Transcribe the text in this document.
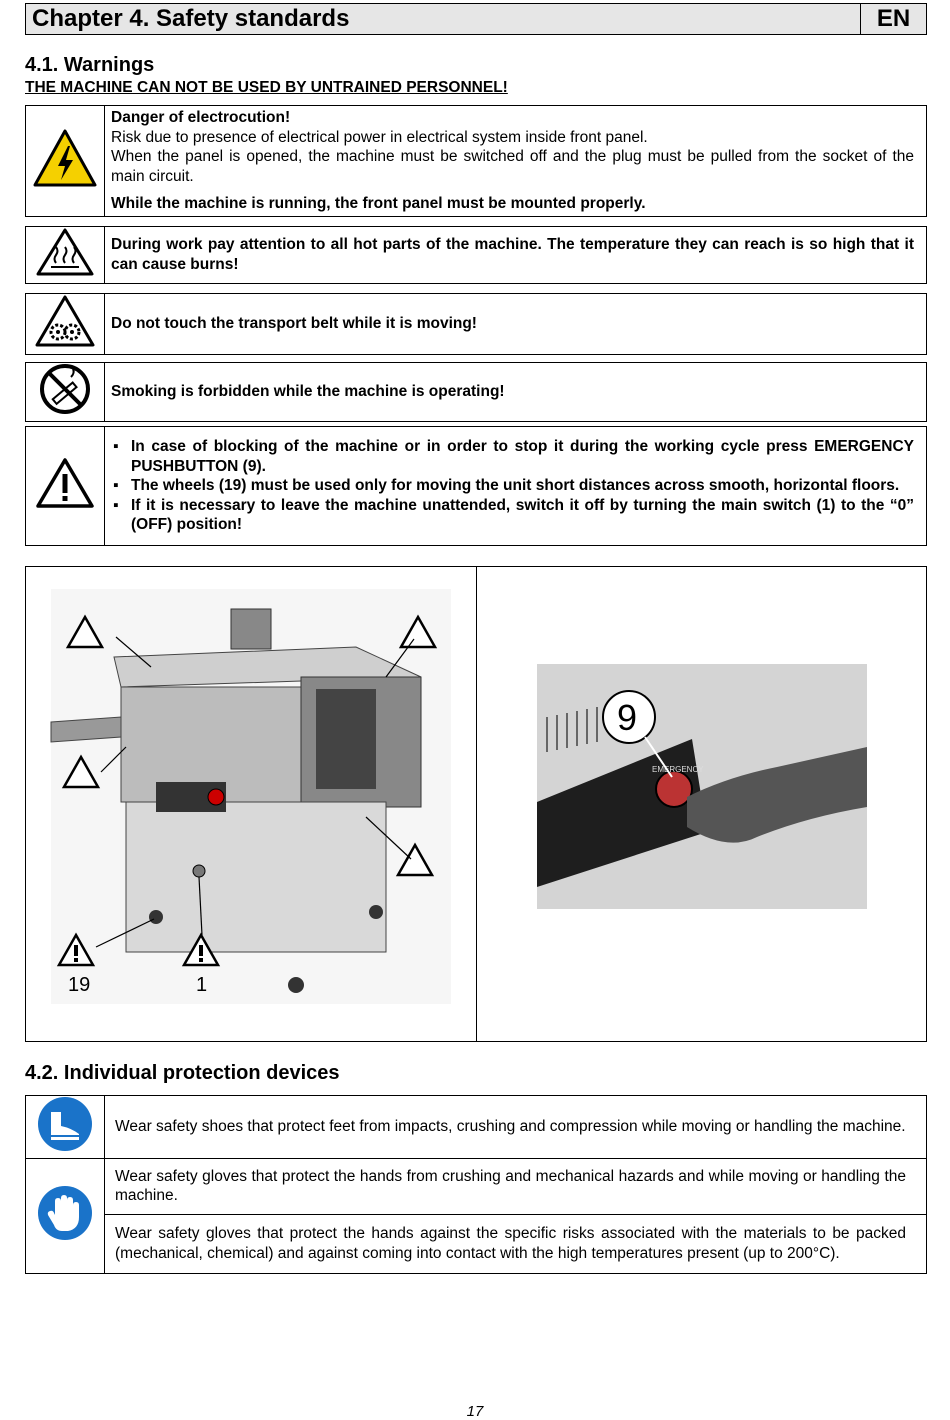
Chapter 4. Safety standards	EN
4.1. Warnings
THE MACHINE CAN NOT BE USED BY UNTRAINED PERSONNEL!

Danger of electrocution!
Risk due to presence of electrical power in electrical system inside front panel.
When the panel is opened, the machine must be switched off and the plug must be pulled from the socket of the main circuit.
While the machine is running, the front panel must be mounted properly.
	During work pay attention to all hot parts of the machine. The temperature they can reach is so high that it can cause burns!
	Do not touch the transport belt while it is moving!
	Smoking is forbidden while the machine is operating!

▪ In case of blocking of the machine or in order to stop it during the working cycle press EMERGENCY PUSHBUTTON (9).
▪ The wheels (19) must be used only for moving the unit short distances across smooth, horizontal floors.
▪ If it is necessary to leave the machine unattended, switch it off by turning the main switch (1) to the “0” (OFF) position!
19	1
EMERGENCY
9
4.2. Individual protection devices
	Wear safety shoes that protect feet from impacts, crushing and compression while moving or handling the machine.
	Wear safety gloves that protect the hands from crushing and mechanical hazards and while moving or handling the machine.
	Wear safety gloves that protect the hands against the specific risks associated with the materials to be packed (mechanical, chemical) and against coming into contact with the high temperatures present (up to 200°C).
17
